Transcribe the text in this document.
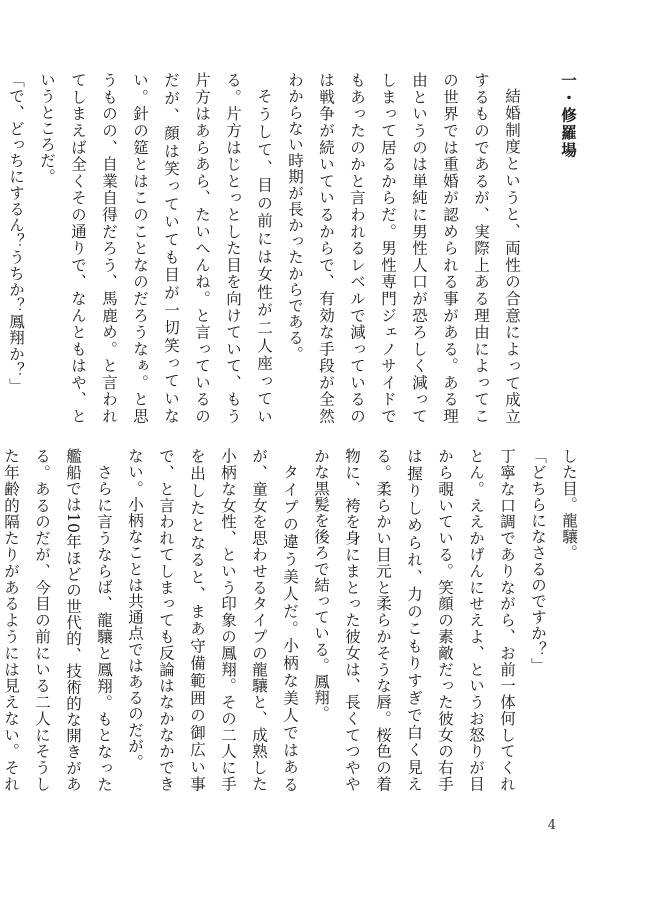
一・修羅場
結婚制度というと、両性の合意によって成立するものであるが、実際上ある理由によってこの世界では重婚が認められる事がある。ある理由というのは単純に男性人口が恐ろしく減ってしまって居るからだ。男性専門ジェノサイドでもあったのかと言われるレベルで減っているのは戦争が続いているからで、有効な手段が全然わからない時期が長かったからである。
そうして、目の前には女性が二人座っている。片方はじとっとした目を向けていて、もう片方はあらあら、たいへんね。と言っているのだが、顔は笑っていても目が一切笑っていない。針の筵とはこのことなのだろうなぁ。と思うものの、自業自得だろう、馬鹿め。と言われてしまえば全くその通りで、なんともはや、というところだ。
「で、どっちにするん？うちか？鳳翔か？」
した目。龍驤。
「どちらになさるのですか？」
丁寧な口調でありながら、お前一体何してくれとん。ええかげんにせえよ、というお怒りが目から覗いている。笑顔の素敵だった彼女の右手は握りしめられ、力のこもりすぎで白く見える。柔らかい目元と柔らかそうな唇。桜色の着物に、袴を身にまとった彼女は、長くてつややかな黒髪を後ろで結っている。鳳翔。
タイプの違う美人だ。小柄な美人ではあるが、童女を思わせるタイプの龍驤と、成熟した小柄な女性、という印象の鳳翔。その二人に手を出したとなると、まあ守備範囲の御広い事で、と言われてしまっても反論はなかなかできない。小柄なことは共通点ではあるのだが。
さらに言うならば、龍驤と鳳翔。もとなった艦船では10年ほどの世代的、技術的な開きがある。あるのだが、今目の前にいる二人にそうした年齢的隔たりがあるようには見えない。それ
4
